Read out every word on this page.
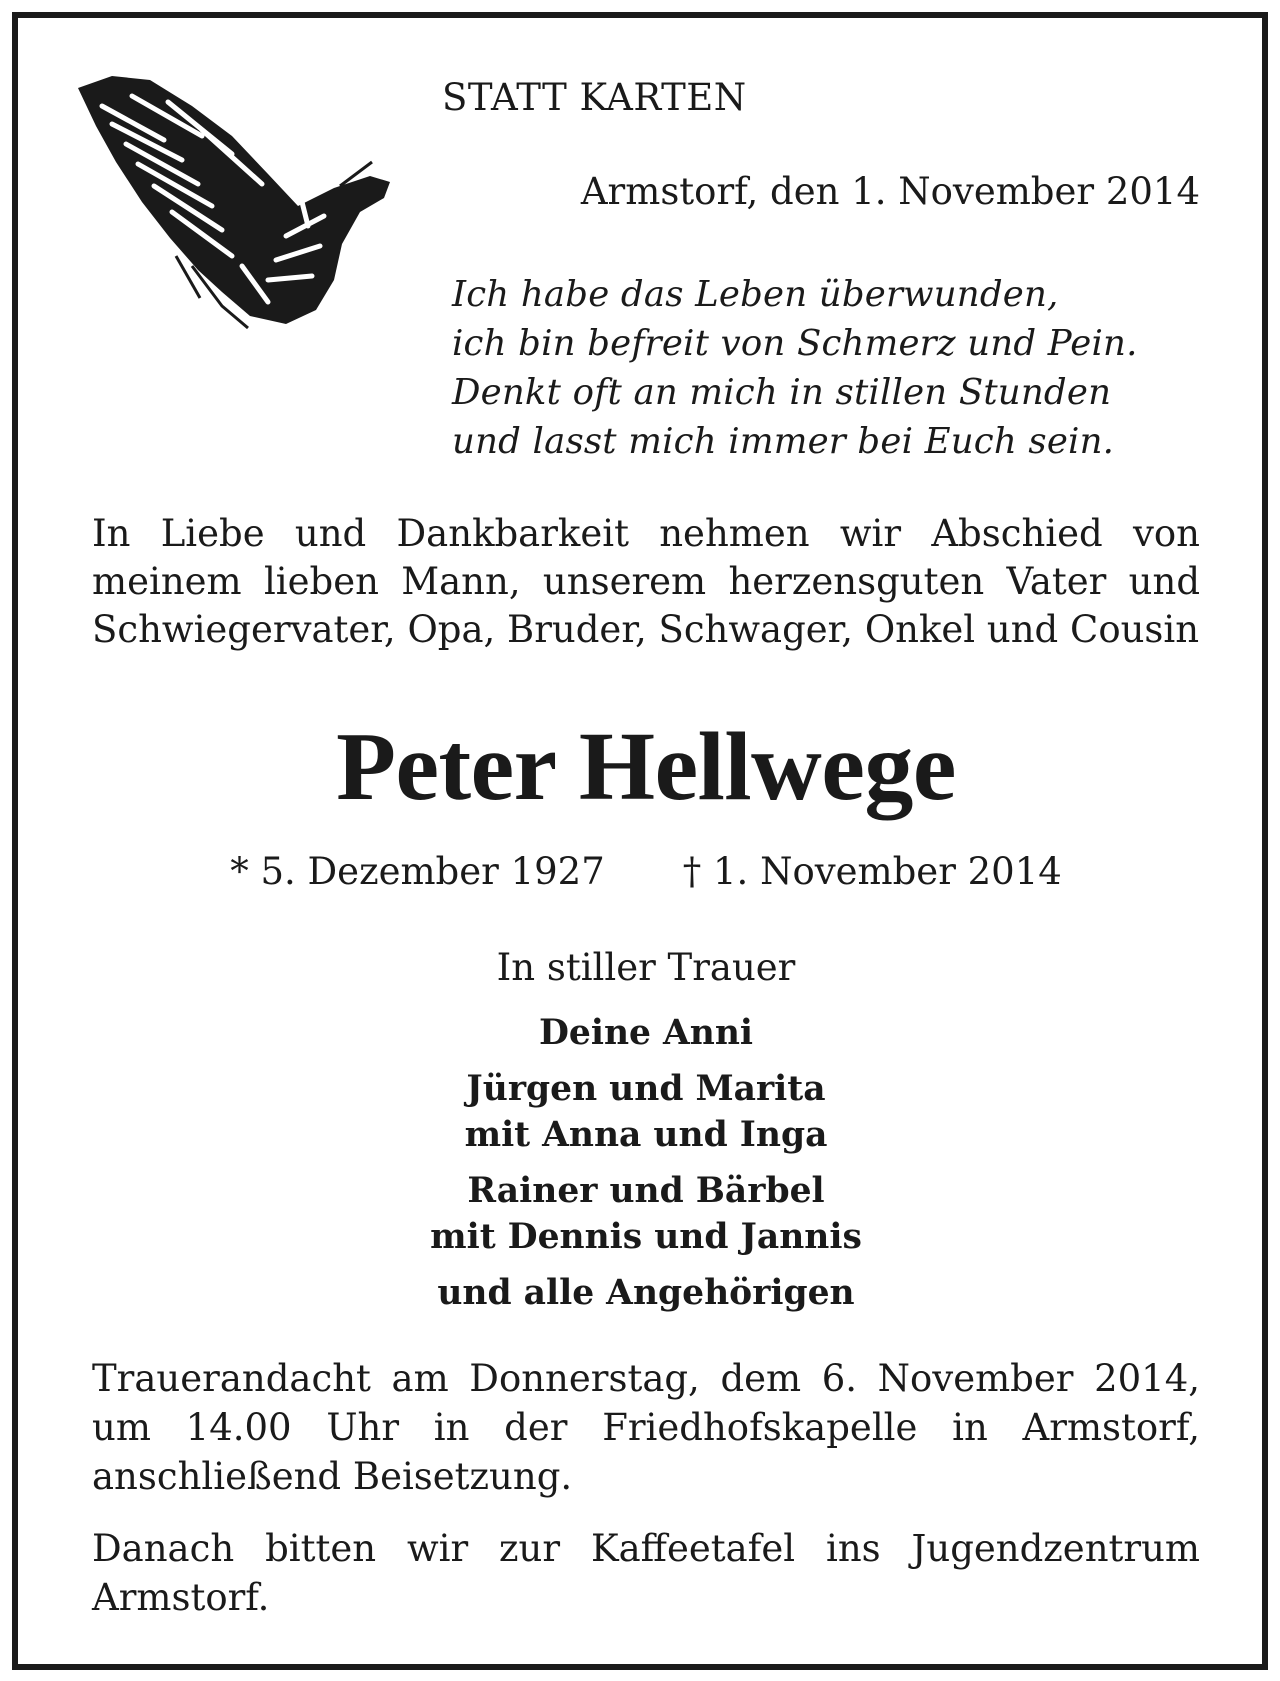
STATT KARTEN
Armstorf, den 1. November 2014
Ich habe das Leben überwunden,
ich bin befreit von Schmerz und Pein.
Denkt oft an mich in stillen Stunden
und lasst mich immer bei Euch sein.
In Liebe und Dankbarkeit nehmen wir Abschied von meinem lieben Mann, unserem herzensguten Vater und Schwiegervater, Opa, Bruder, Schwager, Onkel und Cousin
Peter Hellwege
* 5. Dezember 1927 † 1. November 2014
In stiller Trauer
Deine Anni
Jürgen und Marita
mit Anna und Inga
Rainer und Bärbel
mit Dennis und Jannis
und alle Angehörigen
Trauerandacht am Donnerstag, dem 6. November 2014, um 14.00 Uhr in der Friedhofskapelle in Armstorf, anschließend Beisetzung.
Danach bitten wir zur Kaffeetafel ins Jugendzentrum Armstorf.
